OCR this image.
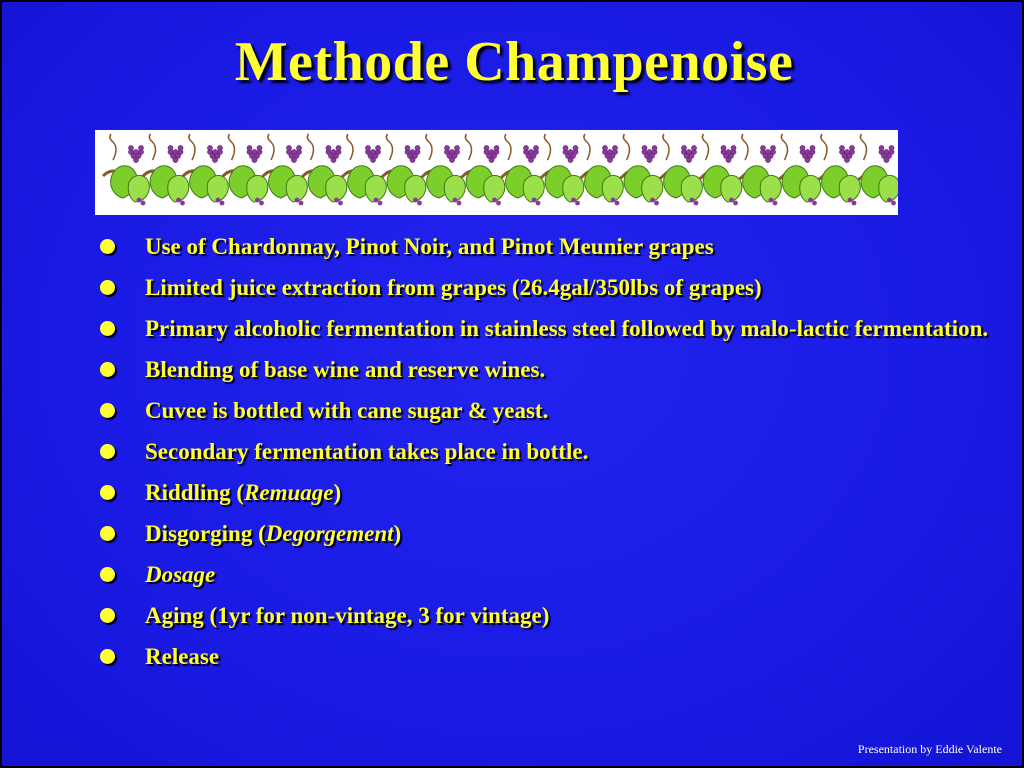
Methode Champenoise
Use of Chardonnay, Pinot Noir, and Pinot Meunier grapes
Limited juice extraction from grapes (26.4gal/350lbs of grapes)
Primary alcoholic fermentation in stainless steel followed by malo-lactic fermentation.
Blending of base wine and reserve wines.
Cuvee is bottled with cane sugar & yeast.
Secondary fermentation takes place in bottle.
Riddling (Remuage)
Disgorging (Degorgement)
Dosage
Aging (1yr for non-vintage, 3 for vintage)
Release
Presentation by Eddie Valente
